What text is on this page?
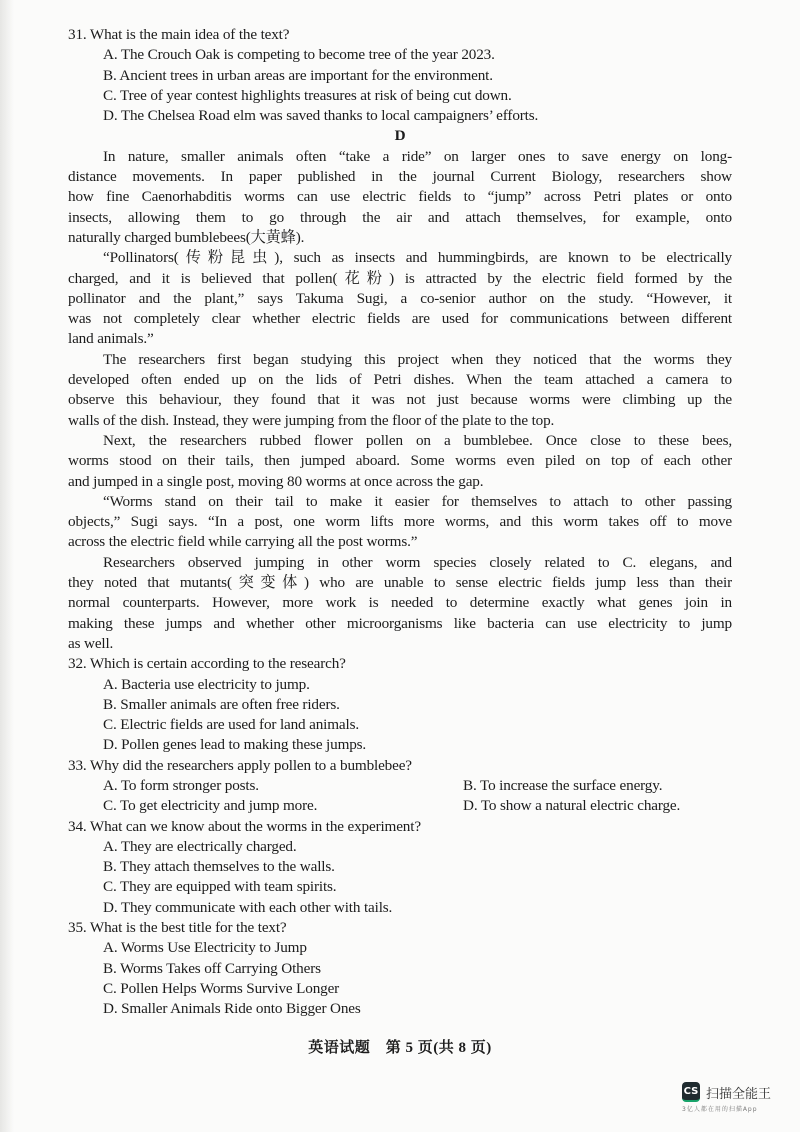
31. What is the main idea of the text?
A. The Crouch Oak is competing to become tree of the year 2023.
B. Ancient trees in urban areas are important for the environment.
C. Tree of year contest highlights treasures at risk of being cut down.
D. The Chelsea Road elm was saved thanks to local campaigners’ efforts.
D
In nature, smaller animals often “take a ride” on larger ones to save energy on long-
distance movements. In paper published in the journal Current Biology, researchers show
how fine Caenorhabditis worms can use electric fields to “jump” across Petri plates or onto
insects, allowing them to go through the air and attach themselves, for example, onto
naturally charged bumblebees(大黄蜂).
“Pollinators(传粉昆虫), such as insects and hummingbirds, are known to be electrically
charged, and it is believed that pollen(花粉) is attracted by the electric field formed by the
pollinator and the plant,” says Takuma Sugi, a co-senior author on the study. “However, it
was not completely clear whether electric fields are used for communications between different
land animals.”
The researchers first began studying this project when they noticed that the worms they
developed often ended up on the lids of Petri dishes. When the team attached a camera to
observe this behaviour, they found that it was not just because worms were climbing up the
walls of the dish. Instead, they were jumping from the floor of the plate to the top.
Next, the researchers rubbed flower pollen on a bumblebee. Once close to these bees,
worms stood on their tails, then jumped aboard. Some worms even piled on top of each other
and jumped in a single post, moving 80 worms at once across the gap.
“Worms stand on their tail to make it easier for themselves to attach to other passing
objects,” Sugi says. “In a post, one worm lifts more worms, and this worm takes off to move
across the electric field while carrying all the post worms.”
Researchers observed jumping in other worm species closely related to C. elegans, and
they noted that mutants(突变体) who are unable to sense electric fields jump less than their
normal counterparts. However, more work is needed to determine exactly what genes join in
making these jumps and whether other microorganisms like bacteria can use electricity to jump
as well.
32. Which is certain according to the research?
A. Bacteria use electricity to jump.
B. Smaller animals are often free riders.
C. Electric fields are used for land animals.
D. Pollen genes lead to making these jumps.
33. Why did the researchers apply pollen to a bumblebee?
A. To form stronger posts.	B. To increase the surface energy.
C. To get electricity and jump more.	D. To show a natural electric charge.
34. What can we know about the worms in the experiment?
A. They are electrically charged.
B. They attach themselves to the walls.
C. They are equipped with team spirits.
D. They communicate with each other with tails.
35. What is the best title for the text?
A. Worms Use Electricity to Jump
B. Worms Takes off Carrying Others
C. Pollen Helps Worms Survive Longer
D. Smaller Animals Ride onto Bigger Ones
英语试题　第 5 页(共 8 页)
CS 扫描全能王
3亿人都在用的扫描App
